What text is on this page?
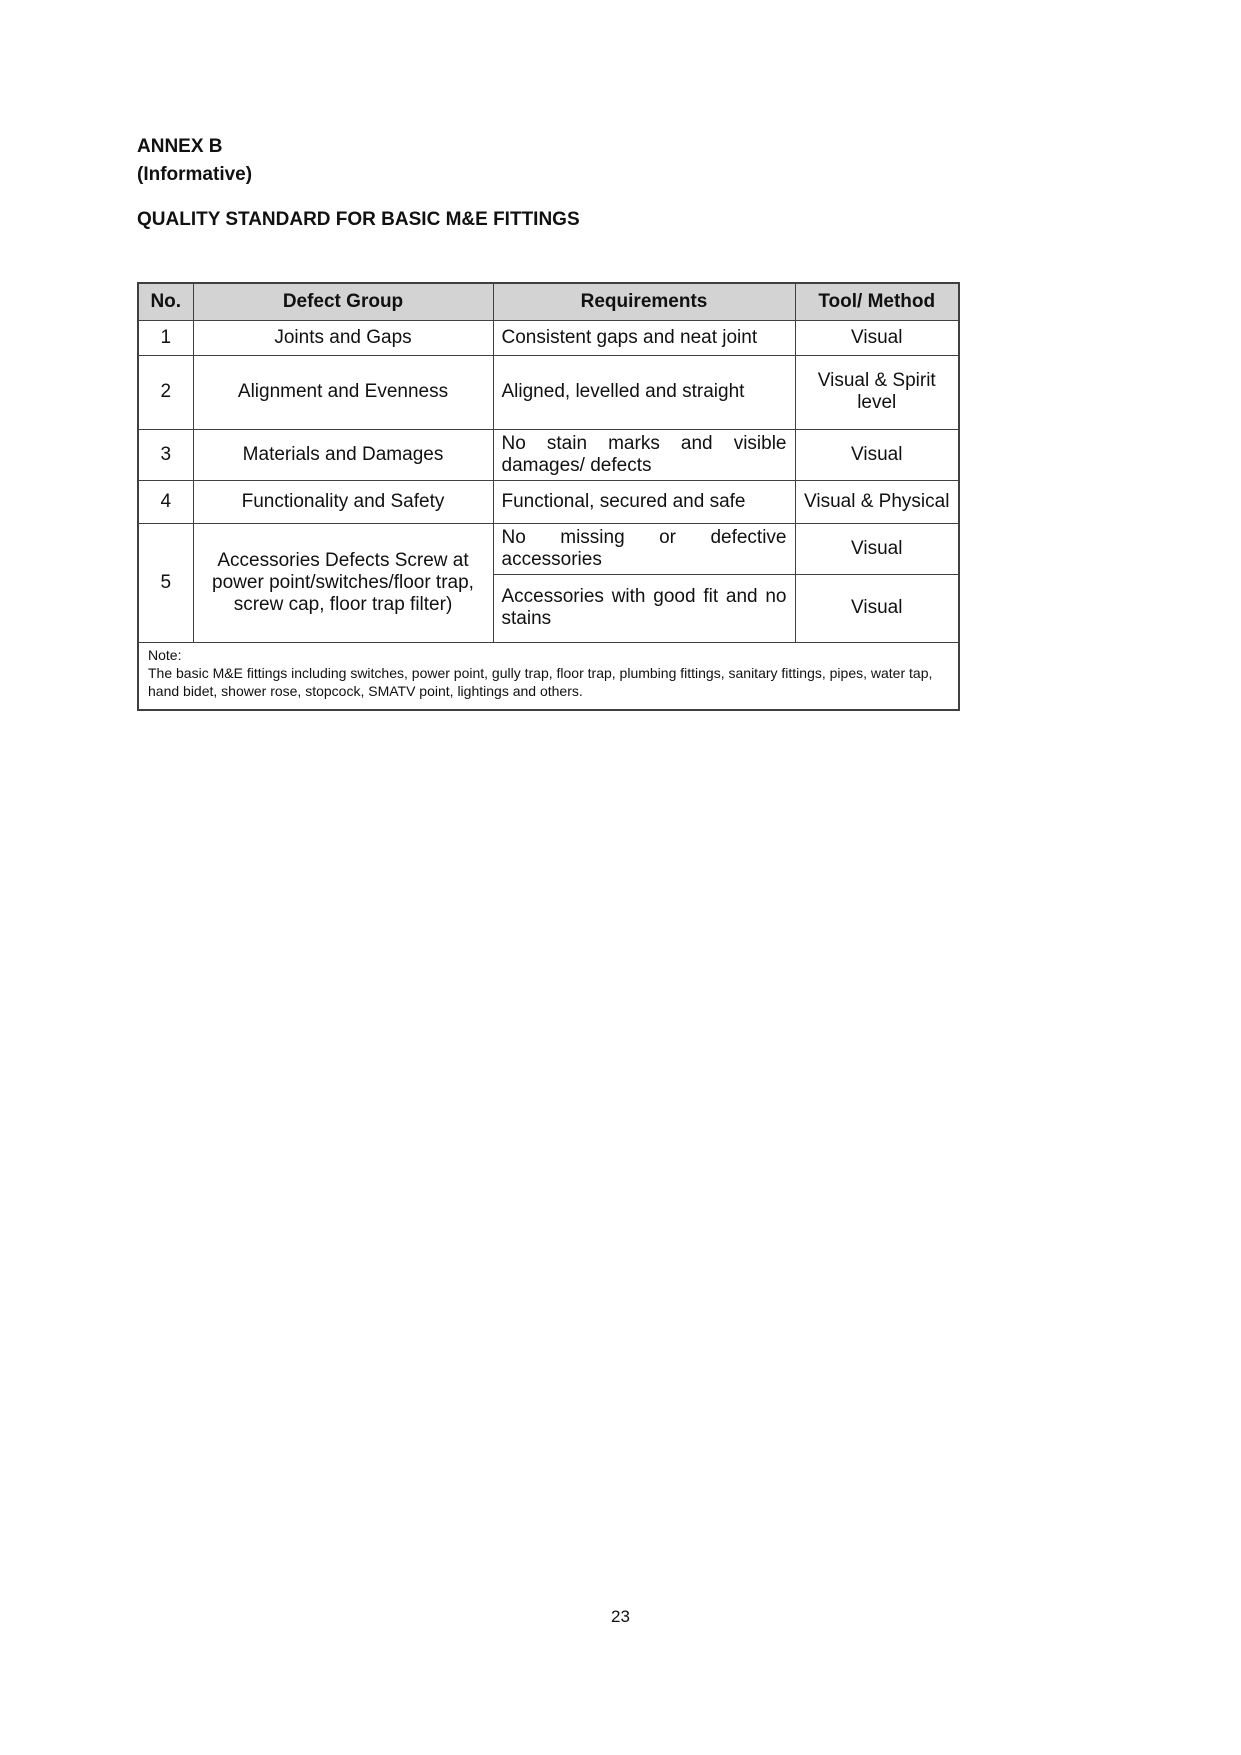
ANNEX B
(Informative)
QUALITY STANDARD FOR BASIC M&E FITTINGS
No.	Defect Group	Requirements	Tool/ Method
1	Joints and Gaps	Consistent gaps and neat joint	Visual
2	Alignment and Evenness	Aligned, levelled and straight	Visual & Spirit level
3	Materials and Damages	No stain marks and visible damages/ defects	Visual
4	Functionality and Safety	Functional, secured and safe	Visual & Physical
5	Accessories Defects Screw at power point/switches/floor trap, screw cap, floor trap filter)	No missing or defective accessories	Visual
		Accessories with good fit and no stains	Visual

Note:
The basic M&E fittings including switches, power point, gully trap, floor trap, plumbing fittings, sanitary fittings, pipes, water tap, hand bidet, shower rose, stopcock, SMATV point, lightings and others.			
23
